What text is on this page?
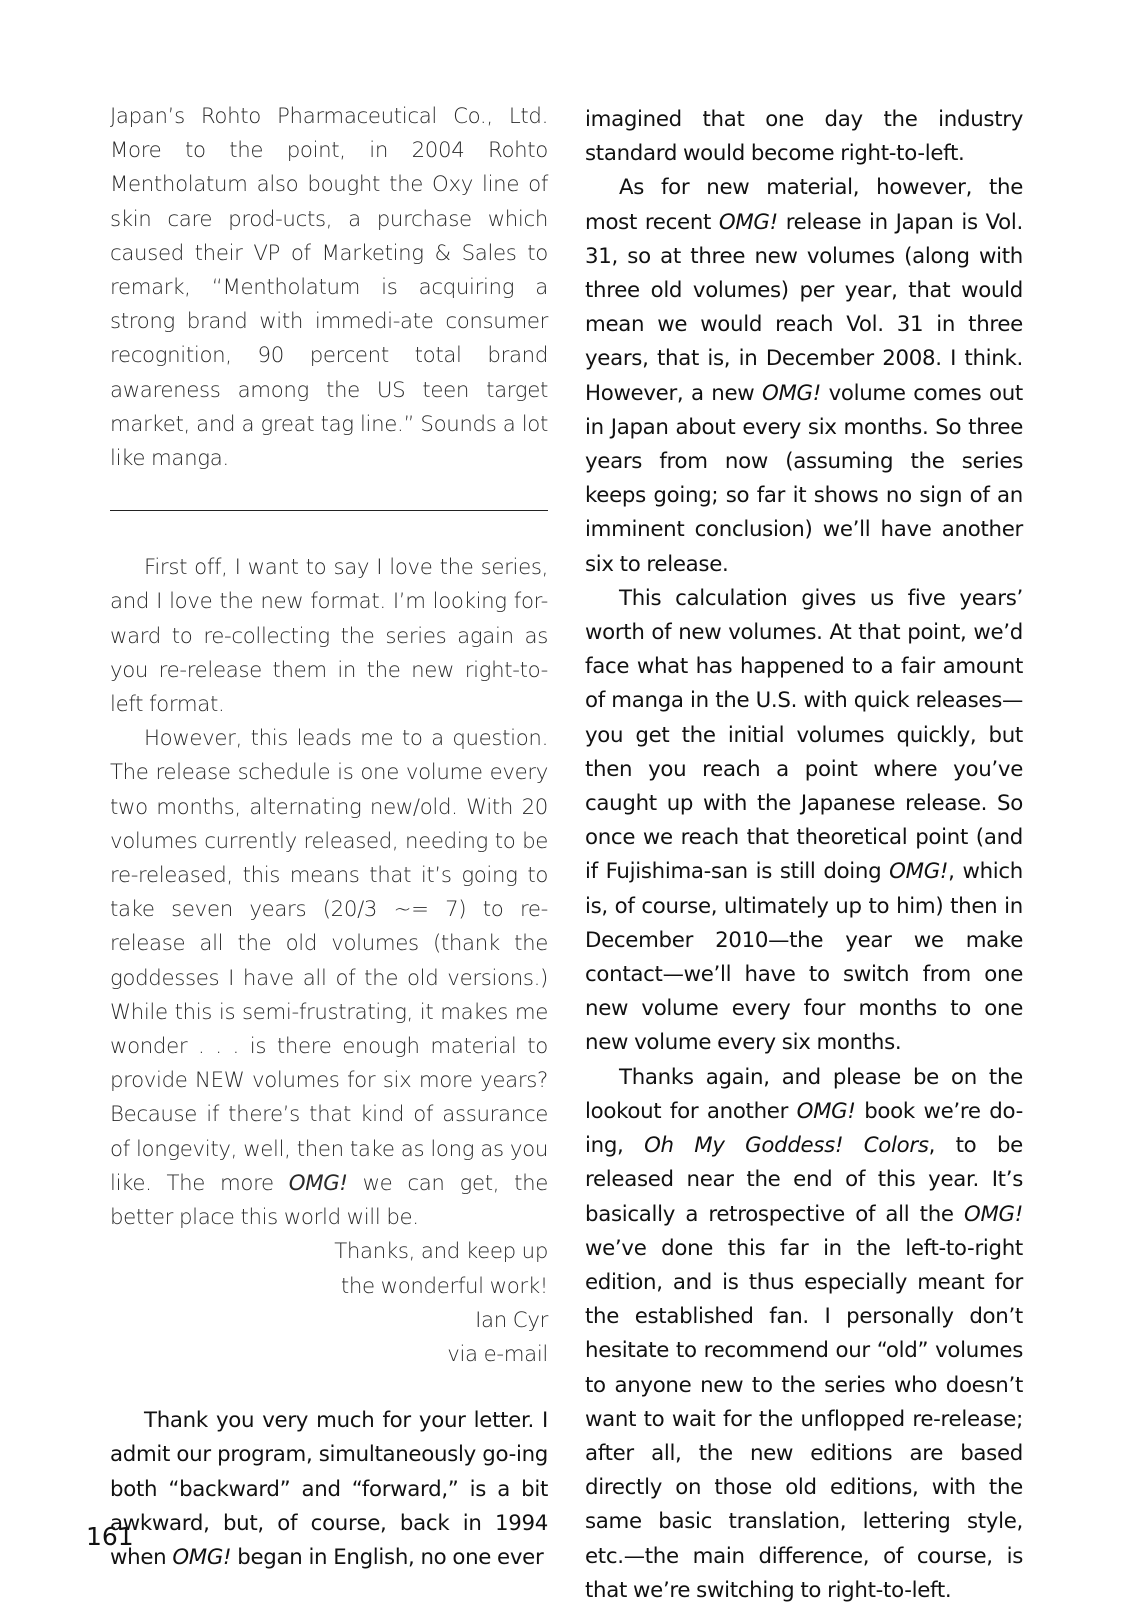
Japan’s Rohto Pharmaceutical Co., Ltd. More to the point, in 2004 Rohto Mentholatum also bought the Oxy line of skin care prod-ucts, a purchase which caused their VP of Marketing & Sales to remark, “Mentholatum is acquiring a strong brand with immedi-ate consumer recognition, 90 percent total brand awareness among the US teen target market, and a great tag line.” Sounds a lot like manga.

First off, I want to say I love the series, and I love the new format. I’m looking for-ward to re-collecting the series again as you re-release them in the new right-to-left format.

However, this leads me to a question. The release schedule is one volume every two months, alternating new/old. With 20 volumes currently released, needing to be re-released, this means that it’s going to take seven years (20/3 ~= 7) to re-release all the old volumes (thank the goddesses I have all of the old versions.) While this is semi-frustrating, it makes me wonder . . . is there enough material to provide NEW volumes for six more years? Because if there’s that kind of assurance of longevity, well, then take as long as you like. The more OMG! we can get, the better place this world will be.

Thanks, and keep up

the wonderful work!

Ian Cyr

via e-mail

Thank you very much for your letter. I admit our program, simultaneously go-ing both “backward” and “forward,” is a bit awkward, but, of course, back in 1994 when OMG! began in English, no one ever

imagined that one day the industry standard would become right-to-left.

As for new material, however, the most recent OMG! release in Japan is Vol. 31, so at three new volumes (along with three old volumes) per year, that would mean we would reach Vol. 31 in three years, that is, in December 2008. I think. However, a new OMG! volume comes out in Japan about every six months. So three years from now (assuming the series keeps going; so far it shows no sign of an imminent conclusion) we’ll have another six to release.

This calculation gives us five years’ worth of new volumes. At that point, we’d face what has happened to a fair amount of manga in the U.S. with quick releases—you get the initial volumes quickly, but then you reach a point where you’ve caught up with the Japanese release. So once we reach that theoretical point (and if Fujishima-san is still doing OMG!, which is, of course, ultimately up to him) then in December 2010—the year we make contact—we’ll have to switch from one new volume every four months to one new volume every six months.

Thanks again, and please be on the lookout for another OMG! book we’re do-ing, Oh My Goddess! Colors, to be released near the end of this year. It’s basically a retrospective of all the OMG! we’ve done this far in the left-to-right edition, and is thus especially meant for the established fan. I personally don’t hesitate to recommend our “old” volumes to anyone new to the series who doesn’t want to wait for the unflopped re-release; after all, the new editions are based directly on those old editions, with the same basic translation, lettering style, etc.—the main difference, of course, is that we’re switching to right-to-left.

161
